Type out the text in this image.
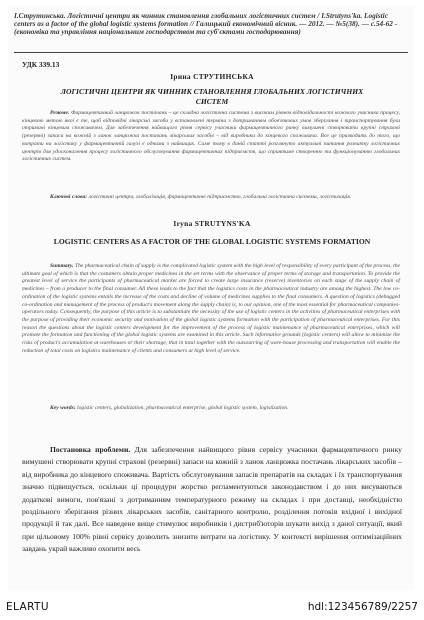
І.Струтинська. Логістичні центри як чинник становлення глобальних логістичних систем / I.Strutyns'ka. Logistic centers as a factor of the global logistic systems formation // Галицький економічний вісник. — 2012. — №5(38). — с.54-62 - (економіка та управління національним господарством та суб'єктами господарювання)
УДК 339.13
Ірина СТРУТИНСЬКА
ЛОГІСТИЧНІ ЦЕНТРИ ЯК ЧИННИК СТАНОВЛЕННЯ ГЛОБАЛЬНИХ ЛОГІСТИЧНИХ СИСТЕМ
Резюме. Фармацевтичний ланцюжок постачань – це складна логістична система з високим рівнем відповідальності кожного учасника процесу, кінцевою метою якої є те, щоб відповідні лікарські засоби у встановлені терміни з дотриманням обов'язкових умов зберігання і транспортування були отримані кінцевим споживачем. Для забезпечення найвищого рівня сервісу учасники фармацевтичного ринку вимушені створювати крупні страхові (резервні) запаси на кожній з ланок ланцюжка постачань лікарських засобів – від виробника до кінцевого споживача. Все це призводить до того, що витрати на логістику у фармацевтичній галузі є одними з найвищих. Саме тому в даній статті розглянуто актуальні питання розвитку логістичних центрів для удосконалення процесу логістичного обслуговування фармацевтичних підприємств, що сприятиме створенню та функціонуванню глобальних логістичних систем.
Ключові слова: логістичні центри, глобалізація, фармацевтичне підприємство, глобальна логістична система, логістизація.
Iryna STRUTYNS'KA
LOGISTIC CENTERS AS A FACTOR OF THE GLOBAL LOGISTIC SYSTEMS FORMATION
Summary. The pharmaceutical chain of supply is the complicated logistic system with the high level of responsibility of every participant of the process, the ultimate goal of which is that the costumers obtain proper medicines in the set terms with the observance of proper terms of storage and transportation. To provide the greatest level of service the participants of pharmaceutical market are forced to create large insurance (reserve) inventories on each stage of the supply chain of medicines – from a producer to the final consumer. All these leads to the fact that the logistics costs in the pharmaceutical industry are among the highest. The low co-ordination of the logistic systems entails the increase of the costs and decline of volume of medicines supplies to the final consumers. A question of logistics (debugged co-ordination and management of the process of product's movement along the supply chain) is, to our opinion, one of the most essential for pharmaceutical companies-operators today. Consequently, the purpose of this article is to substantiate the necessity of the use of logistic centers in the activities of pharmaceutical enterprises with the purpose of providing their economic security and motivation of the global logistic systems formation with the participation of pharmaceutical enterprises. For this reason the questions about the logistic centers development for the improvement of the process of logistic maintenance of pharmaceutical enterprises, which will promote the formation and functioning of the global logistic systems are examined in this article. Such informative grounds (logistic centers) will allow to minimize the risks of product's accumulation at warehouses or their shortage, that in total together with the outsourcing of ware-house processing and transportation will enable the reduction of total costs on logistics maintenance of clients and consumers at high level of service.
Key words: logistic centers, globalization, pharmaceutical enterprise, global logistic system, logistization.
Постановка проблеми. Для забезпечення найвищого рівня сервісу учасники фармацевтичного ринку вимушені створювати крупні страхові (резервні) запаси на кожній з ланок ланцюжка постачань лікарських засобів – від виробника до кінцевого споживача. Вартість обслуговування запасів препаратів на складах і їх транспортування значно підвищується, оскільки ці процедури жорстко регламентуються законодавством і до них висуваються додаткові вимоги, пов'язані з дотриманням температурного режиму на складах і при доставці, необхідністю роздільного зберігання різних лікарських засобів, санітарного контролю, розділення потоків вхідної і вихідної продукції й так далі. Все наведене вище стимулює виробників і дистриб'юторів шукати вихід з даної ситуації, який при цільовому 100% рівні сервісу дозволить знизити витрати на логістику. У контексті вирішення оптимізаційних завдань украй важливо охопити весь
ELARTU	hdl:123456789/2257
